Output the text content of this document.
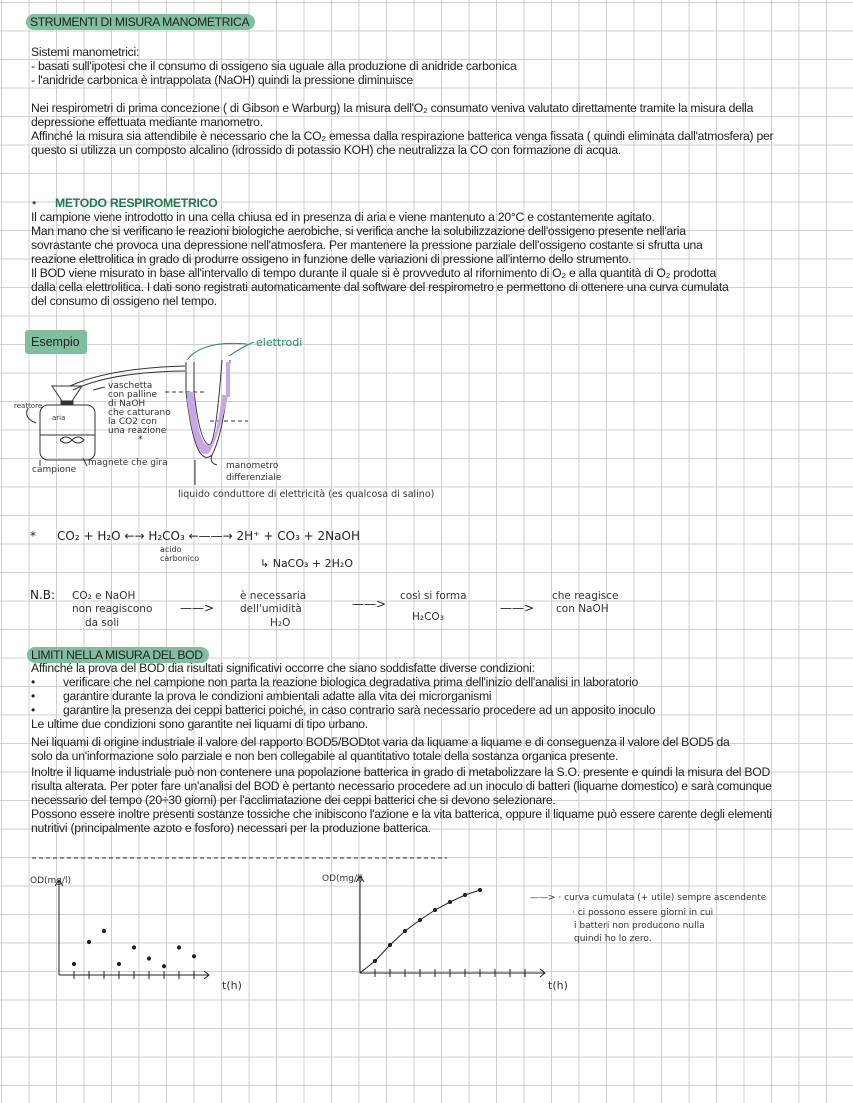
STRUMENTI DI MISURA MANOMETRICA
Sistemi manometrici:
- basati sull'ipotesi che il consumo di ossigeno sia uguale alla produzione di anidride carbonica
- l'anidride carbonica è intrappolata (NaOH) quindi la pressione diminuisce
Nei respirometri di prima concezione ( di Gibson e Warburg) la misura dell'O₂ consumato veniva valutato direttamente tramite la misura della
depressione effettuata mediante manometro.
Affinché la misura sia attendibile è necessario che la CO₂ emessa dalla respirazione batterica venga fissata ( quindi eliminata dall'atmosfera) per
questo si utilizza un composto alcalino (idrossido di potassio KOH) che neutralizza la CO con formazione di acqua.
• METODO RESPIROMETRICO
Il campione viene introdotto in una cella chiusa ed in presenza di aria e viene mantenuto a 20°C e costantemente agitato.
Man mano che si verificano le reazioni biologiche aerobiche, si verifica anche la solubilizzazione dell'ossigeno presente nell'aria
sovrastante che provoca una depressione nell'atmosfera. Per mantenere la pressione parziale dell'ossigeno costante si sfrutta una
reazione elettrolitica in grado di produrre ossigeno in funzione delle variazioni di pressione all'interno dello strumento.
Il BOD viene misurato in base all'intervallo di tempo durante il quale si è provveduto al rifornimento di O₂ e alla quantità di O₂ prodotta
dalla cella elettrolitica. I dati sono registrati automaticamente dal software del respirometro e permettono di ottenere una curva cumulata
del consumo di ossigeno nel tempo.
Esempio	elettrodi
vaschetta
con palline
di NaOH
che catturano
la CO2 con
una reazione
*
reattore
aria
campione
magnete che gira	manometro
differenziale
liquido conduttore di elettricità (es qualcosa di salino)
* CO₂ + H₂O ←→ H₂CO₃ ←——→ 2H⁺ + CO₃ + 2NaOH
acido
carbonico	↳ NaCO₃ + 2H₂O
N.B: CO₂ e NaOH
non reagiscono
da soli
——>
è necessaria
dell'umidità
H₂O
——>
così si forma
H₂CO₃
——>
che reagisce
con NaOH
OD(mg/l)
t(h)
OD(mg/l)
t(h)
——> · curva cumulata (+ utile) sempre ascendente
· ci possono essere giorni in cui
i batteri non producono nulla
quindi ho lo zero.
LIMITI NELLA MISURA DEL BOD
Affinché la prova del BOD dia risultati significativi occorre che siano soddisfatte diverse condizioni:
• verificare che nel campione non parta la reazione biologica degradativa prima dell'inizio dell'analisi in laboratorio
• garantire durante la prova le condizioni ambientali adatte alla vita dei microrganismi
• garantire la presenza dei ceppi batterici poiché, in caso contrario sarà necessario procedere ad un apposito inoculo
Le ultime due condizioni sono garantite nei liquami di tipo urbano.
Nei liquami di origine industriale il valore del rapporto BOD5/BODtot varia da liquame a liquame e di conseguenza il valore del BOD5 da
solo da un'informazione solo parziale e non ben collegabile al quantitativo totale della sostanza organica presente.
Inoltre il liquame industriale può non contenere una popolazione batterica in grado di metabolizzare la S.O. presente e quindi la misura del BOD
risulta alterata. Per poter fare un'analisi del BOD è pertanto necessario procedere ad un inoculo di batteri (liquame domestico) e sarà comunque
necessario del tempo (20÷30 giorni) per l'acclimatazione dei ceppi batterici che si devono selezionare.
Possono essere inoltre presenti sostanze tossiche che inibiscono l'azione e la vita batterica, oppure il liquame può essere carente degli elementi
nutritivi (principalmente azoto e fosforo) necessari per la produzione batterica.
